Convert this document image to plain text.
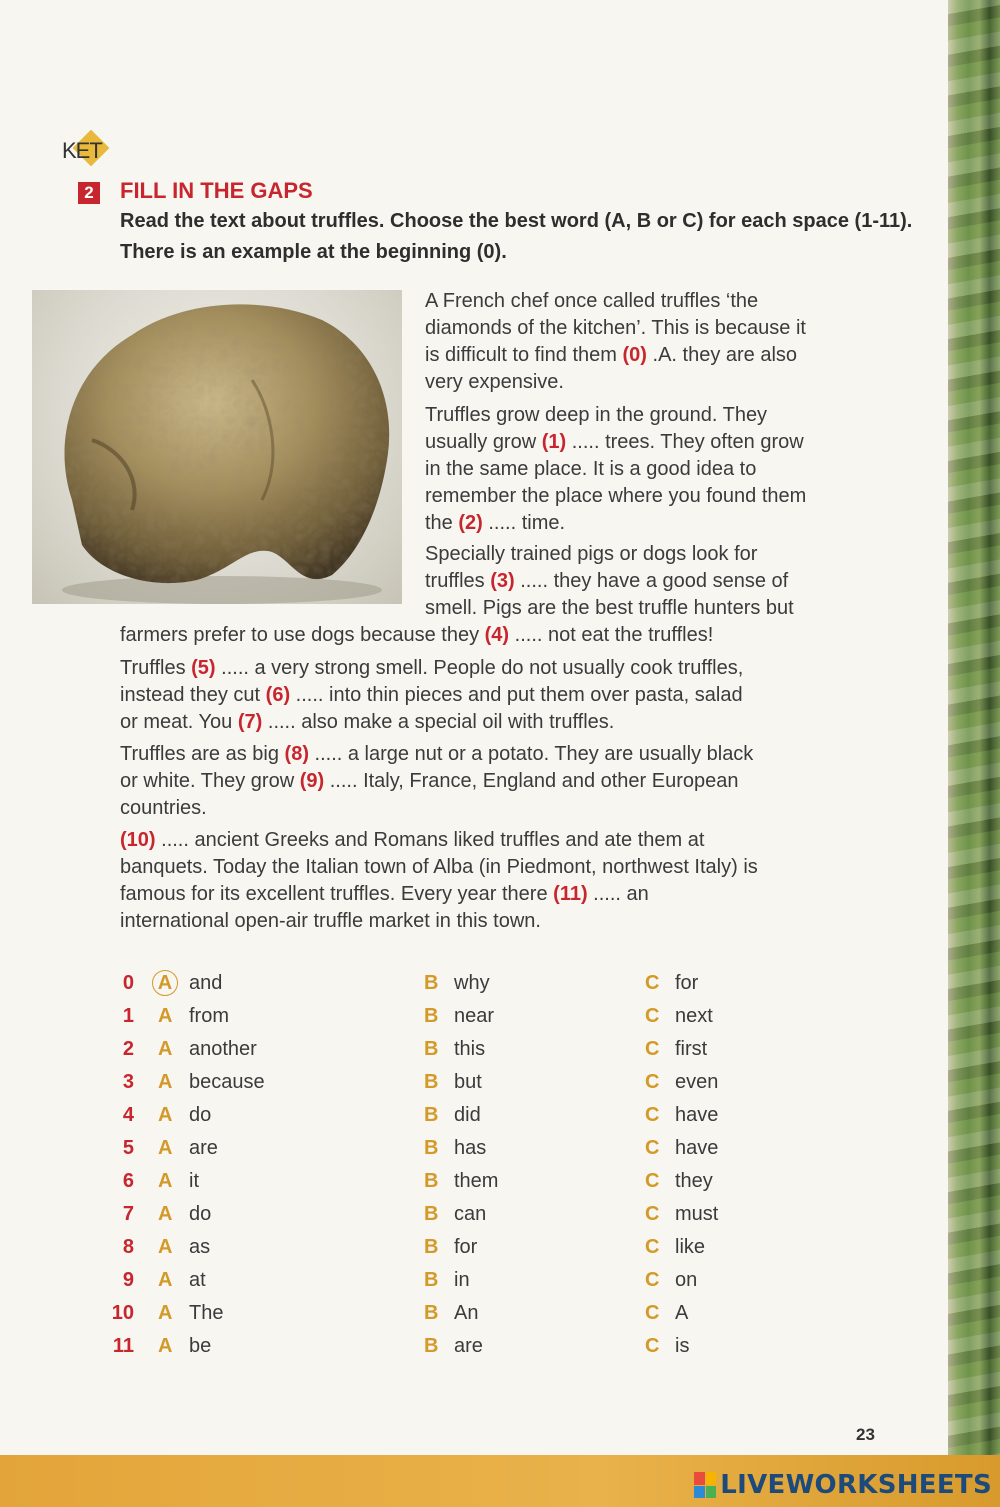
KET
2 FILL IN THE GAPS
Read the text about truffles. Choose the best word (A, B or C) for each space (1-11). There is an example at the beginning (0).
A French chef once called truffles ‘the
diamonds of the kitchen’. This is because it
is difficult to find them (0) .A. they are also
very expensive.
Truffles grow deep in the ground. They
usually grow (1) ..... trees. They often grow
in the same place. It is a good idea to
remember the place where you found them
the (2) ..... time.
Specially trained pigs or dogs look for
truffles (3) ..... they have a good sense of
smell. Pigs are the best truffle hunters but
farmers prefer to use dogs because they (4) ..... not eat the truffles!
Truffles (5) ..... a very strong smell. People do not usually cook truffles,
instead they cut (6) ..... into thin pieces and put them over pasta, salad
or meat. You (7) ..... also make a special oil with truffles.
Truffles are as big (8) ..... a large nut or a potato. They are usually black
or white. They grow (9) ..... Italy, France, England and other European
countries.
(10) ..... ancient Greeks and Romans liked truffles and ate them at
banquets. Today the Italian town of Alba (in Piedmont, northwest Italy) is
famous for its excellent truffles. Every year there (11) ..... an
international open-air truffle market in this town.
0 A and	B why	C for
1 A from	B near	C next
2 A another	B this	C first
3 A because	B but	C even
4 A do	B did	C have
5 A are	B has	C have
6 A it	B them	C they
7 A do	B can	C must
8 A as	B for	C like
9 A at	B in	C on
10 A The	B An	C A
11 A be	B are	C is
23
LIVEWORKSHEETS
